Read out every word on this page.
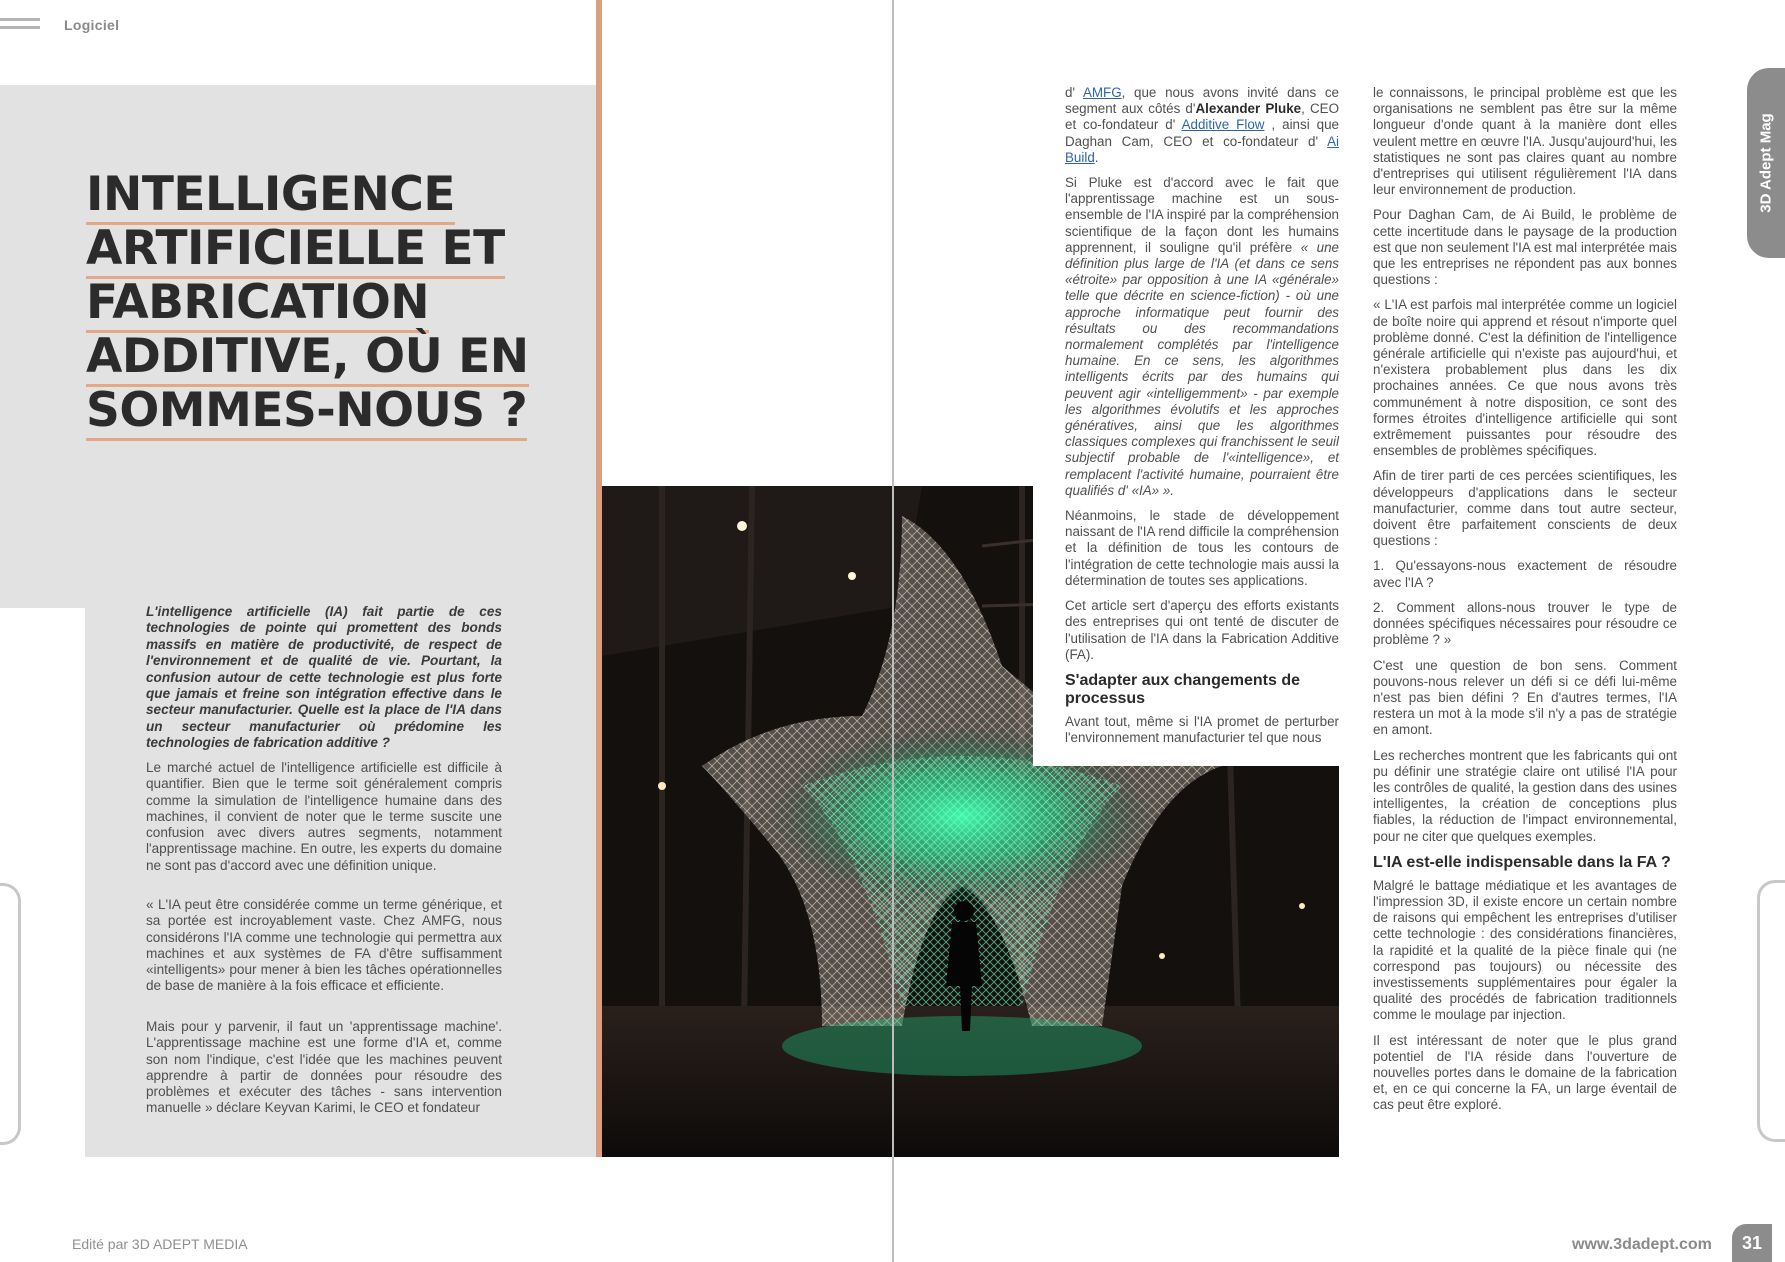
Logiciel
INTELLIGENCE
ARTIFICIELLE ET
FABRICATION
ADDITIVE, OÙ EN
SOMMES-NOUS ?

L'intelligence artificielle (IA) fait partie de ces technologies de pointe qui promettent des bonds massifs en matière de productivité, de respect de l'environnement et de qualité de vie. Pourtant, la confusion autour de cette technologie est plus forte que jamais et freine son intégration effective dans le secteur manufacturier. Quelle est la place de l'IA dans un secteur manufacturier où prédomine les technologies de fabrication additive ?

Le marché actuel de l'intelligence artificielle est difficile à quantifier. Bien que le terme soit généralement compris comme la simulation de l'intelligence humaine dans des machines, il convient de noter que le terme suscite une confusion avec divers autres segments, notamment l'apprentissage machine. En outre, les experts du domaine ne sont pas d'accord avec une définition unique.

« L'IA peut être considérée comme un terme générique, et sa portée est incroyablement vaste. Chez AMFG, nous considérons l'IA comme une technologie qui permettra aux machines et aux systèmes de FA d'être suffisamment «intelligents» pour mener à bien les tâches opérationnelles de base de manière à la fois efficace et efficiente.

Mais pour y parvenir, il faut un 'apprentissage machine'. L'apprentissage machine est une forme d'IA et, comme son nom l'indique, c'est l'idée que les machines peuvent apprendre à partir de données pour résoudre des problèmes et exécuter des tâches - sans intervention manuelle » déclare Keyvan Karimi, le CEO et fondateur

d' AMFG, que nous avons invité dans ce segment aux côtés d'Alexander Pluke, CEO et co-fondateur d' Additive Flow , ainsi que Daghan Cam, CEO et co-fondateur d' Ai Build.

Si Pluke est d'accord avec le fait que l'apprentissage machine est un sous-ensemble de l'IA inspiré par la compréhension scientifique de la façon dont les humains apprennent, il souligne qu'il préfère « une définition plus large de l'IA (et dans ce sens «étroite» par opposition à une IA «générale» telle que décrite en science-fiction) - où une approche informatique peut fournir des résultats ou des recommandations normalement complétés par l'intelligence humaine. En ce sens, les algorithmes intelligents écrits par des humains qui peuvent agir «intelligemment» - par exemple les algorithmes évolutifs et les approches génératives, ainsi que les algorithmes classiques complexes qui franchissent le seuil subjectif probable de l'«intelligence», et remplacent l'activité humaine, pourraient être qualifiés d' «IA» ».

Néanmoins, le stade de développement naissant de l'IA rend difficile la compréhension et la définition de tous les contours de l'intégration de cette technologie mais aussi la détermination de toutes ses applications.

Cet article sert d'aperçu des efforts existants des entreprises qui ont tenté de discuter de l'utilisation de l'IA dans la Fabrication Additive (FA).

S'adapter aux changements de processus

Avant tout, même si l'IA promet de perturber l'environnement manufacturier tel que nous

le connaissons, le principal problème est que les organisations ne semblent pas être sur la même longueur d'onde quant à la manière dont elles veulent mettre en œuvre l'IA. Jusqu'aujourd'hui, les statistiques ne sont pas claires quant au nombre d'entreprises qui utilisent régulièrement l'IA dans leur environnement de production.

Pour Daghan Cam, de Ai Build, le problème de cette incertitude dans le paysage de la production est que non seulement l'IA est mal interprétée mais que les entreprises ne répondent pas aux bonnes questions :

« L'IA est parfois mal interprétée comme un logiciel de boîte noire qui apprend et résout n'importe quel problème donné. C'est la définition de l'intelligence générale artificielle qui n'existe pas aujourd'hui, et n'existera probablement plus dans les dix prochaines années. Ce que nous avons très communément à notre disposition, ce sont des formes étroites d'intelligence artificielle qui sont extrêmement puissantes pour résoudre des ensembles de problèmes spécifiques.

Afin de tirer parti de ces percées scientifiques, les développeurs d'applications dans le secteur manufacturier, comme dans tout autre secteur, doivent être parfaitement conscients de deux questions :

1. Qu'essayons-nous exactement de résoudre avec l'IA ?

2. Comment allons-nous trouver le type de données spécifiques nécessaires pour résoudre ce problème ? »

C'est une question de bon sens. Comment pouvons-nous relever un défi si ce défi lui-même n'est pas bien défini ? En d'autres termes, l'IA restera un mot à la mode s'il n'y a pas de stratégie en amont.

Les recherches montrent que les fabricants qui ont pu définir une stratégie claire ont utilisé l'IA pour les contrôles de qualité, la gestion dans des usines intelligentes, la création de conceptions plus fiables, la réduction de l'impact environnemental, pour ne citer que quelques exemples.

L'IA est-elle indispensable dans la FA ?

Malgré le battage médiatique et les avantages de l'impression 3D, il existe encore un certain nombre de raisons qui empêchent les entreprises d'utiliser cette technologie : des considérations financières, la rapidité et la qualité de la pièce finale qui (ne correspond pas toujours) ou nécessite des investissements supplémentaires pour égaler la qualité des procédés de fabrication traditionnels comme le moulage par injection.

Il est intéressant de noter que le plus grand potentiel de l'IA réside dans l'ouverture de nouvelles portes dans le domaine de la fabrication et, en ce qui concerne la FA, un large éventail de cas peut être exploré.

3D Adept Mag
Edité par 3D ADEPT MEDIA	www.3dadept.com	31
